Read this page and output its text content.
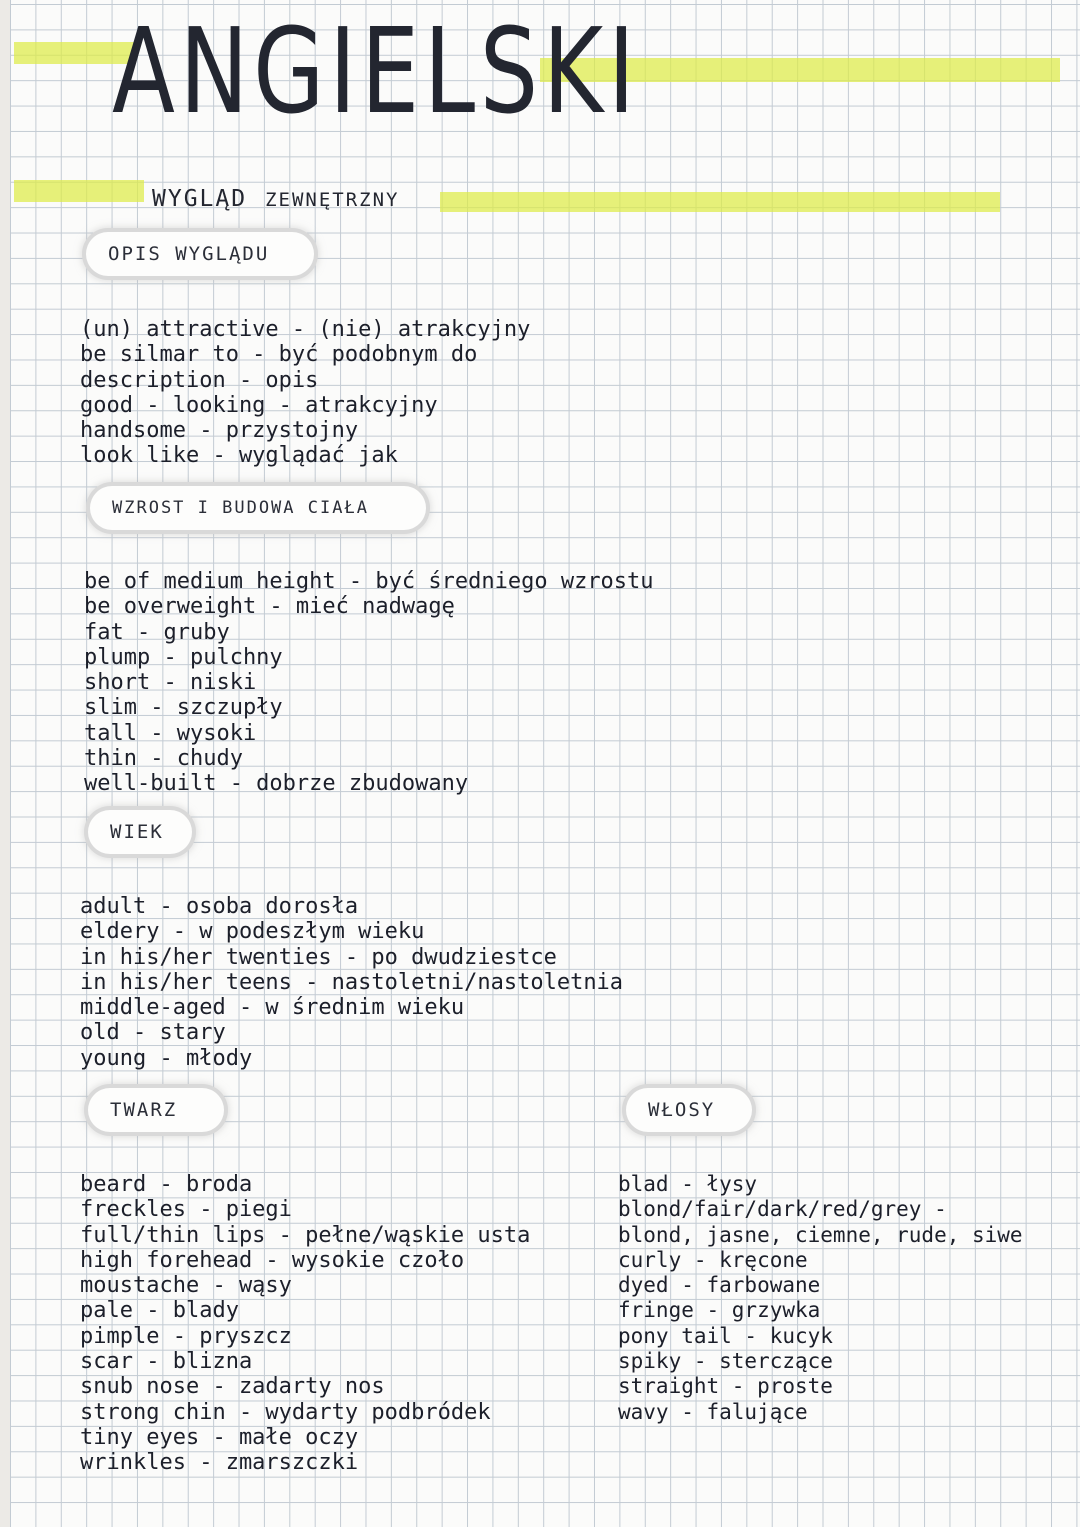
ANGIELSKI
WYGLĄD ZEWNĘTRZNY
OPIS WYGLĄDU
(un) attractive - (nie) atrakcyjny
be silmar to - być podobnym do
description - opis
good - looking - atrakcyjny
handsome - przystojny
look like - wyglądać jak
WZROST I BUDOWA CIAŁA
be of medium height - być średniego wzrostu
be overweight - mieć nadwagę
fat - gruby
plump - pulchny
short - niski
slim - szczupły
tall - wysoki
thin - chudy
well-built - dobrze zbudowany
WIEK
adult - osoba dorosła
eldery - w podeszłym wieku
in his/her twenties - po dwudziestce
in his/her teens - nastoletni/nastoletnia
middle-aged - w średnim wieku
old - stary
young - młody
TWARZ
beard - broda
freckles - piegi
full/thin lips - pełne/wąskie usta
high forehead - wysokie czoło
moustache - wąsy
pale - blady
pimple - pryszcz
scar - blizna
snub nose - zadarty nos
strong chin - wydarty podbródek
tiny eyes - małe oczy
wrinkles - zmarszczki
WŁOSY
blad - łysy
blond/fair/dark/red/grey -
blond, jasne, ciemne, rude, siwe
curly - kręcone
dyed - farbowane
fringe - grzywka
pony tail - kucyk
spiky - sterczące
straight - proste
wavy - falujące
